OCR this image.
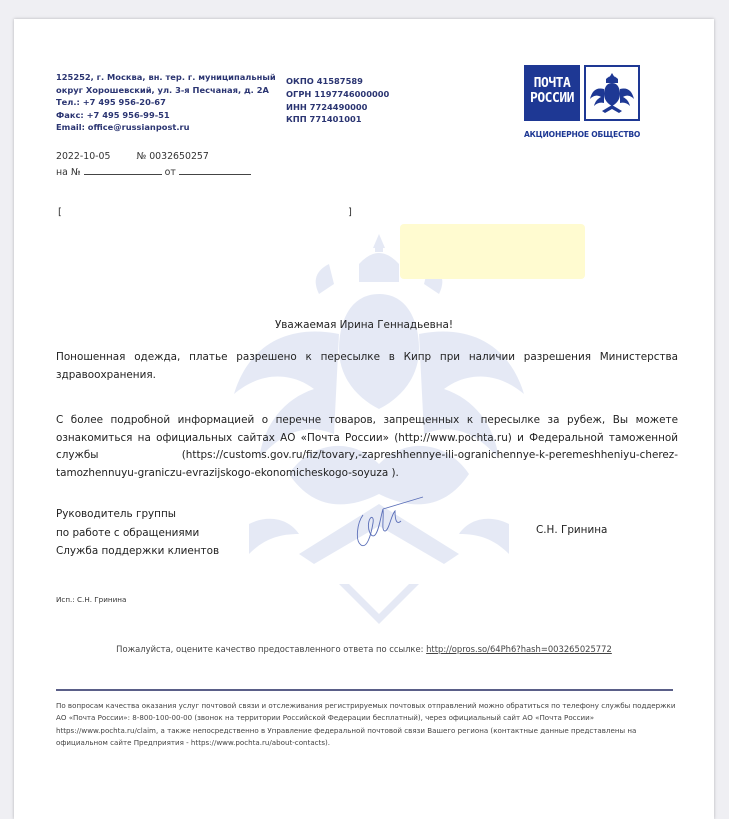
125252, г. Москва, вн. тер. г. муниципальный
округ Хорошевский, ул. 3-я Песчаная, д. 2А
Тел.: +7 495 956-20-67
Факс: +7 495 956-99-51
Email: office@russianpost.ru
ОКПО 41587589
ОГРН 1197746000000
ИНН 7724490000
КПП 771401001
ПОЧТА
РОССИИ
АКЦИОНЕРНОЕ ОБЩЕСТВО
2022-10-05	№ 0032650257
на №	от
[	]
Уважаемая Ирина Геннадьевна!
Поношенная одежда, платье разрешено к пересылке в Кипр при наличии разрешения Министерства здравоохранения.
С более подробной информацией о перечне товаров, запрещенных к пересылке за рубеж, Вы можете ознакомиться на официальных сайтах АО «Почта России» (http://www.pochta.ru) и Федеральной таможенной службы (https://customs.gov.ru/fiz/tovary,-zapreshhennye-ili-ogranichennye-k-peremeshheniyu-cherez-tamozhennuyu-graniczu-evrazijskogo-ekonomicheskogo-soyuza ).
Руководитель группы
по работе с обращениями
Служба поддержки клиентов
С.Н. Гринина
Исп.: С.Н. Гринина
Пожалуйста, оцените качество предоставленного ответа по ссылке: http://opros.so/64Ph6?hash=003265025772
По вопросам качества оказания услуг почтовой связи и отслеживания регистрируемых почтовых отправлений можно обратиться по телефону службы поддержки АО «Почта России»: 8-800-100-00-00 (звонок на территории Российской Федерации бесплатный), через официальный сайт АО «Почта России» https://www.pochta.ru/claim, а также непосредственно в Управление федеральной почтовой связи Вашего региона (контактные данные представлены на официальном сайте Предприятия - https://www.pochta.ru/about-contacts).
